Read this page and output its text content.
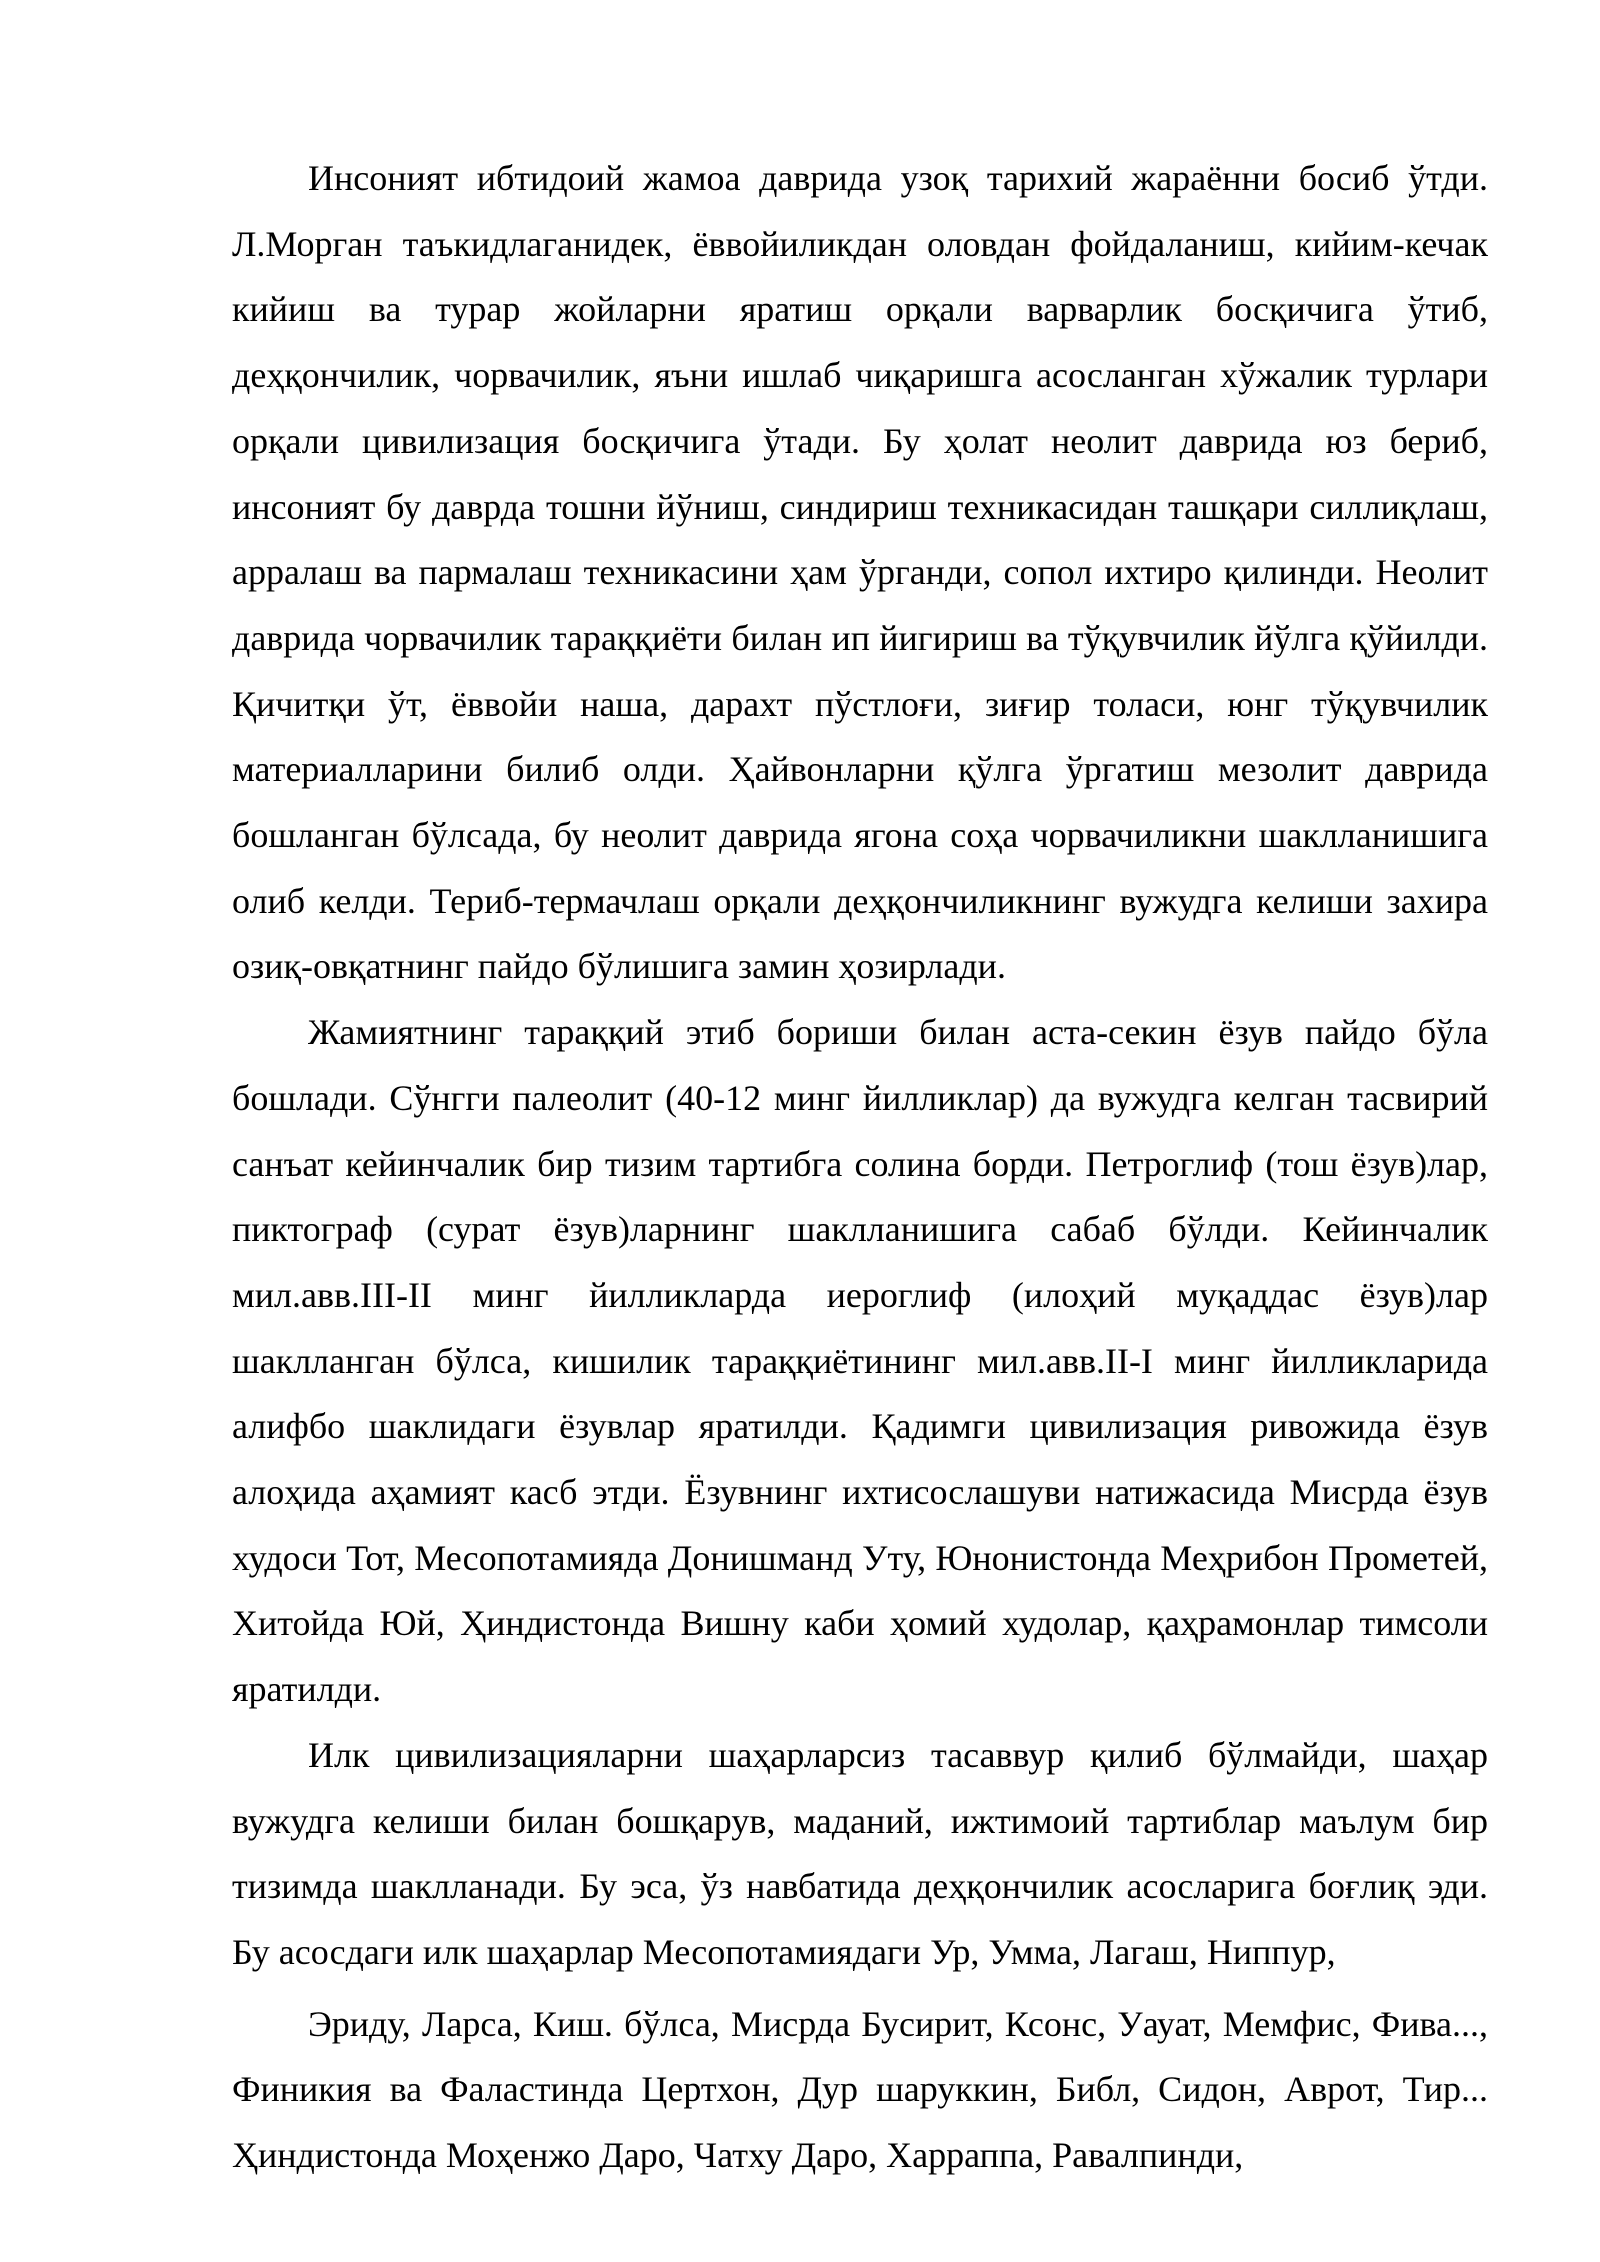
Инсоният ибтидоий жамоа даврида узоқ тарихий жараённи босиб ўтди. Л.Морган таъкидлаганидек, ёввойиликдан оловдан фойдаланиш, кийим-кечак кийиш ва турар жойларни яратиш орқали варварлик босқичига ўтиб, деҳқончилик, чорвачилик, яъни ишлаб чиқаришга асосланган хўжалик турлари орқали цивилизация босқичига ўтади. Бу ҳолат неолит даврида юз бериб, инсоният бу даврда тошни йўниш, синдириш техникасидан ташқари силлиқлаш, арралаш ва пармалаш техникасини ҳам ўрганди, сопол ихтиро қилинди. Неолит даврида чорвачилик тараққиёти билан ип йигириш ва тўқувчилик йўлга қўйилди. Қичитқи ўт, ёввойи наша, дарахт пўстлоғи, зиғир толаси, юнг тўқувчилик материалларини билиб олди. Ҳайвонларни қўлга ўргатиш мезолит даврида бошланган бўлсада, бу неолит даврида ягона соҳа чорвачиликни шаклланишига олиб келди. Териб-термачлаш орқали деҳқончиликнинг вужудга келиши захира озиқ-овқатнинг пайдо бўлишига замин ҳозирлади.

Жамиятнинг тараққий этиб бориши билан аста-секин ёзув пайдо бўла бошлади. Сўнгги палеолит (40-12 минг йилликлар) да вужудга келган тасвирий санъат кейинчалик бир тизим тартибга солина борди. Петроглиф (тош ёзув)лар, пиктограф (сурат ёзув)ларнинг шаклланишига сабаб бўлди. Кейинчалик мил.авв.III-II минг йилликларда иероглиф (илоҳий муқаддас ёзув)лар шаклланган бўлса, кишилик тараққиётининг мил.авв.II-I минг йилликларида алифбо шаклидаги ёзувлар яратилди. Қадимги цивилизация ривожида ёзув алоҳида аҳамият касб этди. Ёзувнинг ихтисослашуви натижасида Мисрда ёзув худоси Тот, Месопотамияда Донишманд Уту, Юнонистонда Меҳрибон Прометей, Хитойда Юй, Ҳиндистонда Вишну каби ҳомий худолар, қаҳрамонлар тимсоли яратилди.

Илк цивилизацияларни шаҳарларсиз тасаввур қилиб бўлмайди, шаҳар вужудга келиши билан бошқарув, маданий, ижтимоий тартиблар маълум бир тизимда шаклланади. Бу эса, ўз навбатида деҳқончилик асосларига боғлиқ эди. Бу асосдаги илк шаҳарлар Месопотамиядаги Ур, Умма, Лагаш, Ниппур,

Эриду, Ларса, Киш. бўлса, Мисрда Бусирит, Ксонс, Уауат, Мемфис, Фива..., Финикия ва Фаластинда Цертхон, Дур шаруккин, Библ, Сидон, Аврот, Тир... Ҳиндистонда Моҳенжо Даро, Чатху Даро, Харраппа, Равалпинди,
